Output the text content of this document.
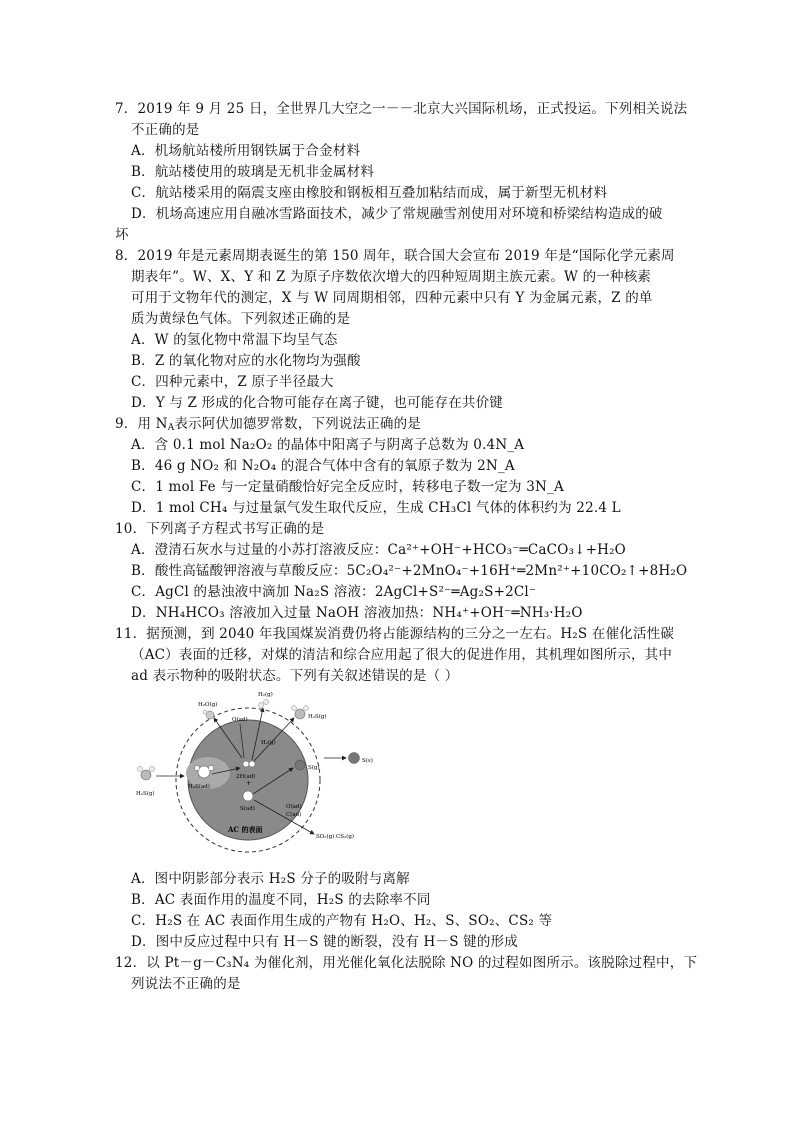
7．2019 年 9 月 25 日，全世界几大空之一－－北京大兴国际机场，正式投运。下列相关说法
不正确的是
A．机场航站楼所用钢铁属于合金材料
B．航站楼使用的玻璃是无机非金属材料
C．航站楼采用的隔震支座由橡胶和钢板相互叠加粘结而成，属于新型无机材料
D．机场高速应用自融冰雪路面技术，减少了常规融雪剂使用对环境和桥梁结构造成的破
坏
8．2019 年是元素周期表诞生的第 150 周年，联合国大会宣布 2019 年是“国际化学元素周
期表年”。W、X、Y 和 Z 为原子序数依次增大的四种短周期主族元素。W 的一种核素
可用于文物年代的测定，X 与 W 同周期相邻，四种元素中只有 Y 为金属元素，Z 的单
质为黄绿色气体。下列叙述正确的是
A．W 的氢化物中常温下均呈气态
B．Z 的氧化物对应的水化物均为强酸
C．四种元素中，Z 原子半径最大
D．Y 与 Z 形成的化合物可能存在离子键，也可能存在共价键
9．用 $N_A$表示阿伏加德罗常数，下列说法正确的是
A．含 0.1 mol Na₂O₂ 的晶体中阳离子与阴离子总数为 0.4N_A
B．46 g NO₂ 和 N₂O₄ 的混合气体中含有的氧原子数为 2N_A
C．1 mol Fe 与一定量硝酸恰好完全反应时，转移电子数一定为 3N_A
D．1 mol CH₄ 与过量氯气发生取代反应，生成 CH₃Cl 气体的体积约为 22.4 L
10．下列离子方程式书写正确的是
A．澄清石灰水与过量的小苏打溶液反应：Ca²⁺+OH⁻+HCO₃⁻═CaCO₃↓+H₂O
B．酸性高锰酸钾溶液与草酸反应：5C₂O₄²⁻+2MnO₄⁻+16H⁺═2Mn²⁺+10CO₂↑+8H₂O
C．AgCl 的悬浊液中滴加 Na₂S 溶液：2AgCl+S²⁻═Ag₂S+2Cl⁻
D．NH₄HCO₃ 溶液加入过量 NaOH 溶液加热：NH₄⁺+OH⁻═NH₃·H₂O
11．据预测，到 2040 年我国煤炭消费仍将占能源结构的三分之一左右。H₂S 在催化活性碳
（AC）表面的迁移，对煤的清洁和综合应用起了很大的促进作用，其机理如图所示，其中
ad 表示物种的吸附状态。下列有关叙述错误的是（ ）
H₂S(g)
H₂S(ad)
2H(ad)
+
S(ad)
O(ad)
H₂O(g)
H₂(g)
H₂(g)
H₂S(g)
S(g)
S(s)
O(ad)
C(ad)
SO₂(g) CS₂(g)
AC 的表面
A．图中阴影部分表示 H₂S 分子的吸附与离解
B．AC 表面作用的温度不同，H₂S 的去除率不同
C．H₂S 在 AC 表面作用生成的产物有 H₂O、H₂、S、SO₂、CS₂ 等
D．图中反应过程中只有 H－S 键的断裂，没有 H－S 键的形成
12．以 Pt－g－C₃N₄ 为催化剂，用光催化氧化法脱除 NO 的过程如图所示。该脱除过程中，下
列说法不正确的是
